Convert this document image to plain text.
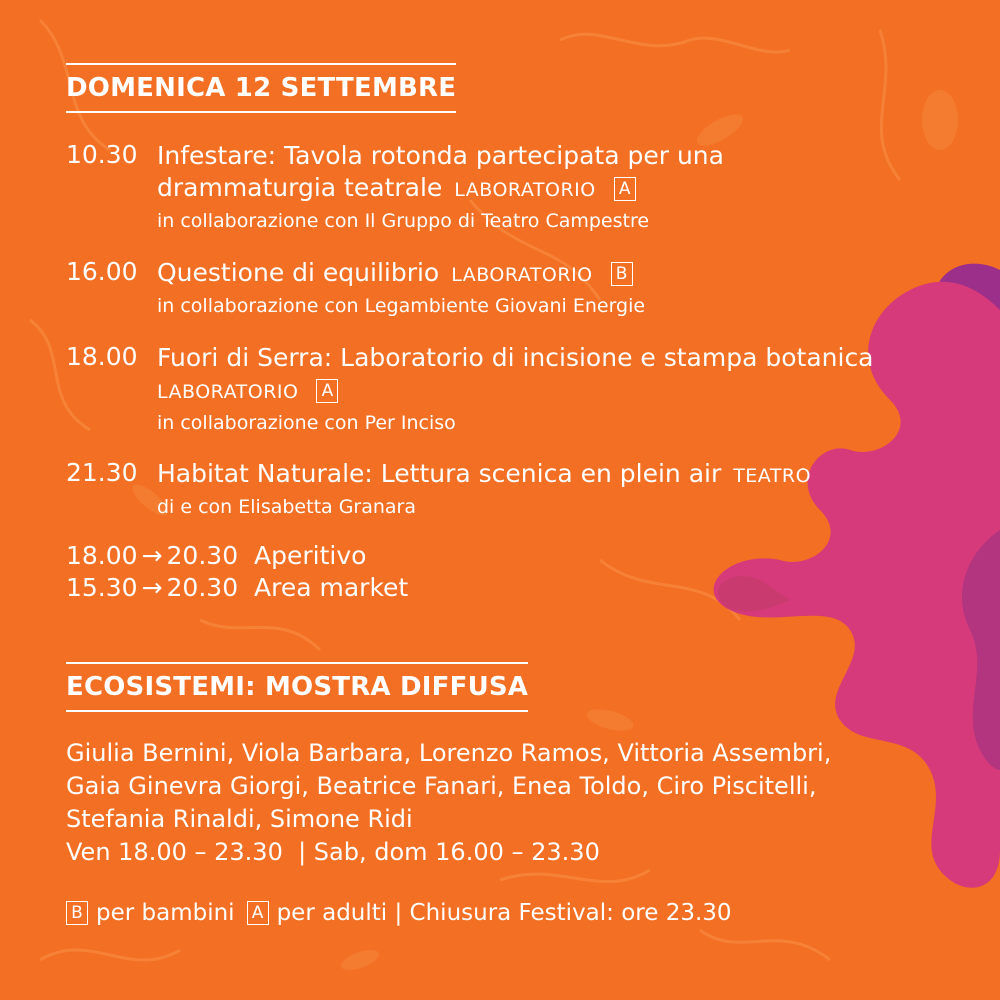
DOMENICA 12 SETTEMBRE
10.30 Infestare: Tavola rotonda partecipata per una
drammaturgia teatrale LABORATORIO A
in collaborazione con Il Gruppo di Teatro Campestre
16.00 Questione di equilibrio LABORATORIO B
in collaborazione con Legambiente Giovani Energie
18.00 Fuori di Serra: Laboratorio di incisione e stampa botanica
LABORATORIO A
in collaborazione con Per Inciso
21.30 Habitat Naturale: Lettura scenica en plein air TEATRO
di e con Elisabetta Granara
18.00 → 20.30 Aperitivo
15.30 → 20.30 Area market
ECOSISTEMI: MOSTRA DIFFUSA
Giulia Bernini, Viola Barbara, Lorenzo Ramos, Vittoria Assembri,
Gaia Ginevra Giorgi, Beatrice Fanari, Enea Toldo, Ciro Piscitelli,
Stefania Rinaldi, Simone Ridi
Ven 18.00 – 23.30  | Sab, dom 16.00 – 23.30
B per bambini A per adulti | Chiusura Festival: ore 23.30
